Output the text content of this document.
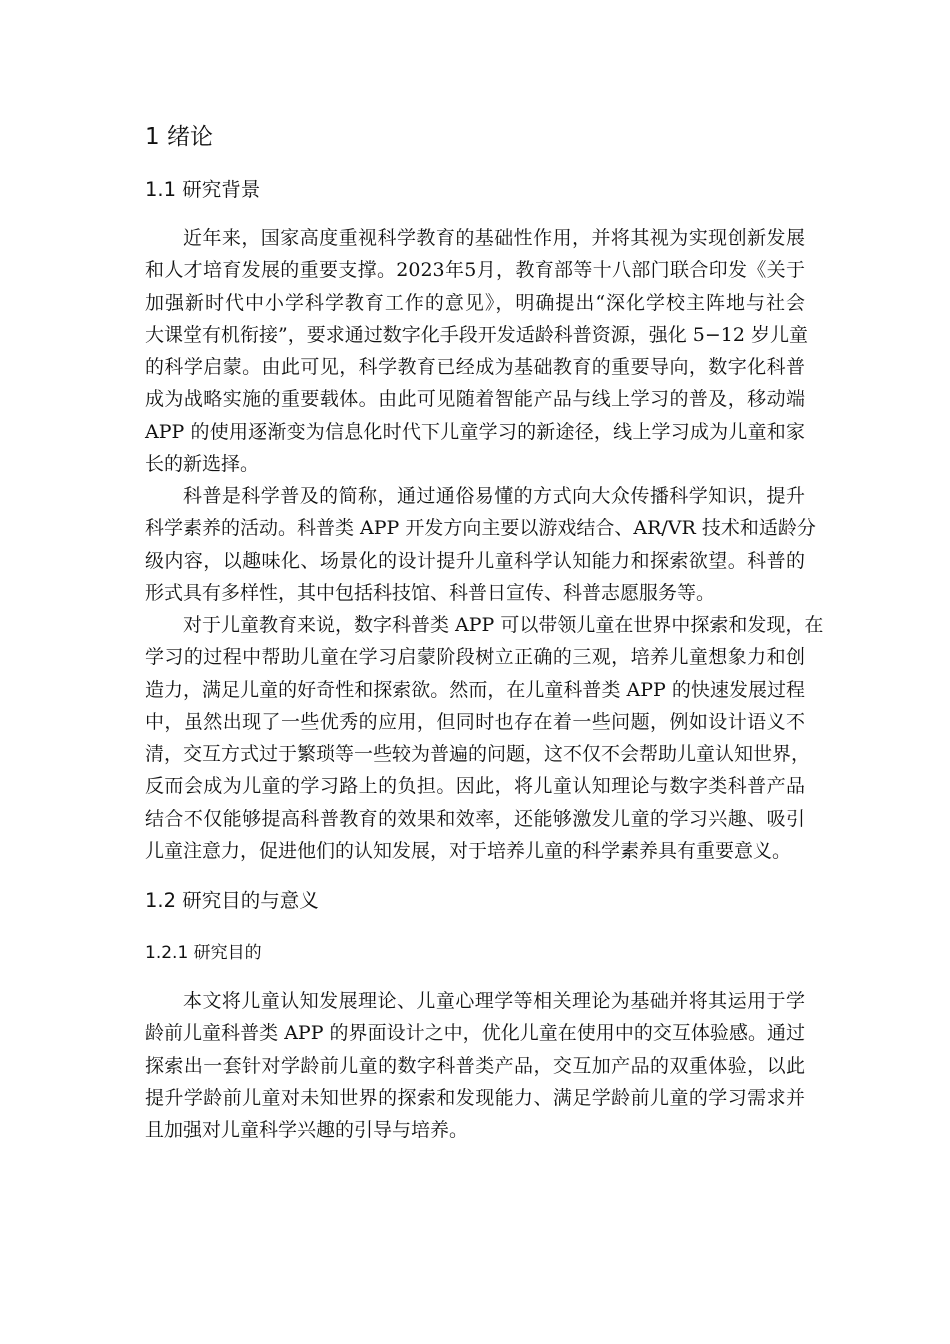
1 绪论
1.1 研究背景
近年来，国家高度重视科学教育的基础性作用，并将其视为实现创新发展
和人才培育发展的重要支撑。2023年5月，教育部等十八部门联合印发《关于
加强新时代中小学科学教育工作的意见》，明确提出“深化学校主阵地与社会
大课堂有机衔接”，要求通过数字化手段开发适龄科普资源，强化 5−12 岁儿童
的科学启蒙。由此可见，科学教育已经成为基础教育的重要导向，数字化科普
成为战略实施的重要载体。由此可见随着智能产品与线上学习的普及，移动端
APP 的使用逐渐变为信息化时代下儿童学习的新途径，线上学习成为儿童和家
长的新选择。
科普是科学普及的简称，通过通俗易懂的方式向大众传播科学知识，提升
科学素养的活动。科普类 APP 开发方向主要以游戏结合、AR/VR 技术和适龄分
级内容，以趣味化、场景化的设计提升儿童科学认知能力和探索欲望。科普的
形式具有多样性，其中包括科技馆、科普日宣传、科普志愿服务等。
对于儿童教育来说，数字科普类 APP 可以带领儿童在世界中探索和发现，在
学习的过程中帮助儿童在学习启蒙阶段树立正确的三观，培养儿童想象力和创
造力，满足儿童的好奇性和探索欲。然而，在儿童科普类 APP 的快速发展过程
中，虽然出现了一些优秀的应用，但同时也存在着一些问题，例如设计语义不
清，交互方式过于繁琐等一些较为普遍的问题，这不仅不会帮助儿童认知世界，
反而会成为儿童的学习路上的负担。因此，将儿童认知理论与数字类科普产品
结合不仅能够提高科普教育的效果和效率，还能够激发儿童的学习兴趣、吸引
儿童注意力，促进他们的认知发展，对于培养儿童的科学素养具有重要意义。
1.2 研究目的与意义
1.2.1 研究目的
本文将儿童认知发展理论、儿童心理学等相关理论为基础并将其运用于学
龄前儿童科普类 APP 的界面设计之中，优化儿童在使用中的交互体验感。通过
探索出一套针对学龄前儿童的数字科普类产品，交互加产品的双重体验，以此
提升学龄前儿童对未知世界的探索和发现能力、满足学龄前儿童的学习需求并
且加强对儿童科学兴趣的引导与培养。
